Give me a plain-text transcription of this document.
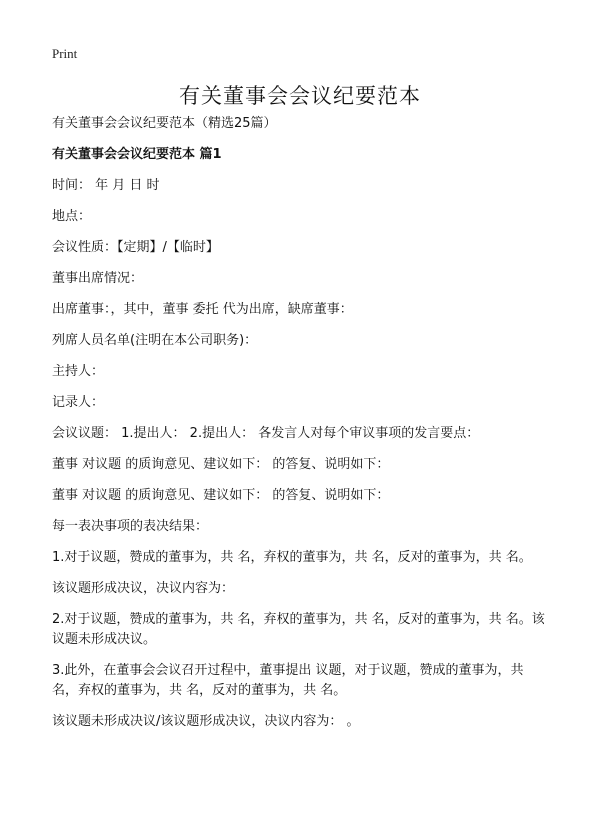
Print
有关董事会会议纪要范本

有关董事会会议纪要范本（精选25篇）

有关董事会会议纪要范本 篇1

时间： 年 月 日 时

地点：

会议性质：【定期】/【临时】

董事出席情况：

出席董事：，其中，董事 委托 代为出席，缺席董事：

列席人员名单(注明在本公司职务)：

主持人：

记录人：

会议议题： 1.提出人： 2.提出人： 各发言人对每个审议事项的发言要点：

董事 对议题 的质询意见、建议如下： 的答复、说明如下：

董事 对议题 的质询意见、建议如下： 的答复、说明如下：

每一表决事项的表决结果：

1.对于议题，赞成的董事为，共 名，弃权的董事为，共 名，反对的董事为，共 名。

该议题形成决议，决议内容为：

2.对于议题，赞成的董事为，共 名，弃权的董事为，共 名，反对的董事为，共 名。该议题未形成决议。

3.此外，在董事会会议召开过程中，董事提出 议题，对于议题，赞成的董事为，共 名，弃权的董事为，共 名，反对的董事为，共 名。

该议题未形成决议/该议题形成决议，决议内容为： 。
